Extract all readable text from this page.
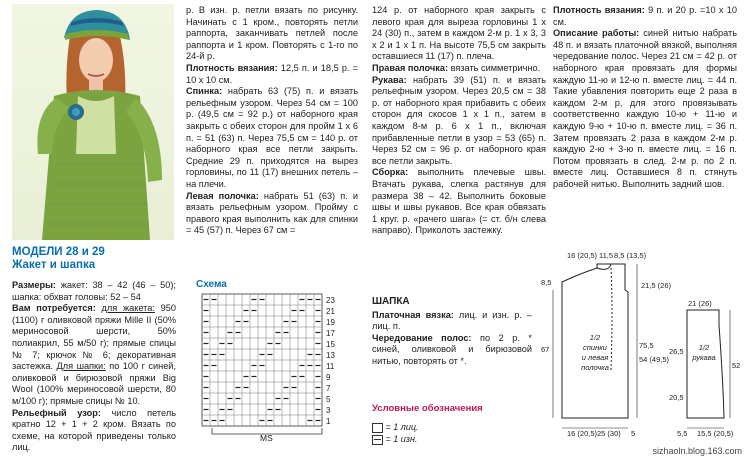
МОДЕЛИ 28 и 29
Жакет и шапка

Размеры: жакет: 38 – 42 (46 – 50); шапка: обхват головы: 52 – 54

Вам потребуется: для жакета: 950 (1100) г оливковой пряжи Mille II (50% мериносовой шерсти, 50% полиакрил, 55 м/50 г); прямые спицы № 7; крючок № 6; декоративная застежка. Для шапки: по 100 г синей, оливковой и бирюзовой пряжи Big Wool (100% мериносовой шерсти, 80 м/100 г); прямые спицы № 10.

Рельефный узор: число петель кратно 12 + 1 + 2 кром. Вязать по схеме, на которой приведены только лиц.

р. В изн. р. петли вязать по рисунку. Начинать с 1 кром., повторять петли раппорта, заканчивать петлей после раппорта и 1 кром. Повторять с 1-го по 24-й р.

Плотность вязания: 12,5 п. и 18,5 р. = 10 х 10 см.

Спинка: набрать 63 (75) п. и вязать рельефным узором. Через 54 см = 100 р. (49,5 см = 92 р.) от наборного края закрыть с обеих сторон для пройм 1 х 6 п. = 51 (63) п. Через 75,5 см = 140 р. от наборного края все петли закрыть. Средние 29 п. приходятся на вырез горловины, по 11 (17) внешних петель – на плечи.

Левая полочка: набрать 51 (63) п. и вязать рельефным узором. Пройму с правого края выполнить как для спинки = 45 (57) п. Через 67 см =

Схема
23
21
19
17
15
13
11
9
7
5
3
1
MS

124 р. от наборного края закрыть с левого края для выреза горловины 1 х 24 (30) п., затем в каждом 2-м р. 1 х 3, 3 х 2 и 1 х 1 п. На высоте 75,5 см закрыть оставшиеся 11 (17) п. плеча.

Правая полочка: вязать симметрично.

Рукава: набрать 39 (51) п. и вязать рельефным узором. Через 20,5 см = 38 р. от наборного края прибавить с обеих сторон для скосов 1 х 1 п., затем в каждом 8-м р. 6 х 1 п., включая прибавленные петли в узор = 53 (65) п. Через 52 см = 96 р. от наборного края все петли закрыть.

Сборка: выполнить плечевые швы. Втачать рукава, слегка растянув для размера 38 – 42. Выполнить боковые швы и швы рукавов. Все края обвязать 1 круг. р. «рачего шага» (= ст. б/н слева направо). Приколоть застежку.

ШАПКА

Платочная вязка: лиц. и изн. р. – лиц. п.

Чередование полос: по 2 р. * синей, оливковой и бирюзовой нитью, повторять от *.

Условные обозначения
= 1 лиц.
= 1 изн.

Плотность вязания: 9 п. и 20 р. =10 х 10 см.

Описание работы: синей нитью набрать 48 п. и вязать платочной вязкой, выполняя чередование полос. Через 21 см = 42 р. от наборного края провязать для формы каждую 11-ю и 12-ю п. вместе лиц. = 44 п. Такие убавления повторить еще 2 раза в каждом 2-м р, для этого провязывать соответственно каждую 10-ю + 11-ю и каждую 9-ю + 10-ю п. вместе лиц. = 36 п. Затем провязать 2 раза в каждом 2-м р. каждую 2-ю + 3-ю п. вместе лиц. = 16 п. Потом провязать в след. 2-м р. по 2 п. вместе лиц. Оставшиеся 8 п. стянуть рабочей нитью. Выполнить задний шов.

16 (20,5) 11,5 8,5 (13,5)
8,5	21,5 (26)
67
54 (49,5)
75,5
16 (20,5) 25 (30) 5
21 (26)
26,5
20,5
52
5,5 15,5 (20,5)
1/2
спинки
и левая
полочка
1/2
рукава
sizhaoln.blog.163.com
